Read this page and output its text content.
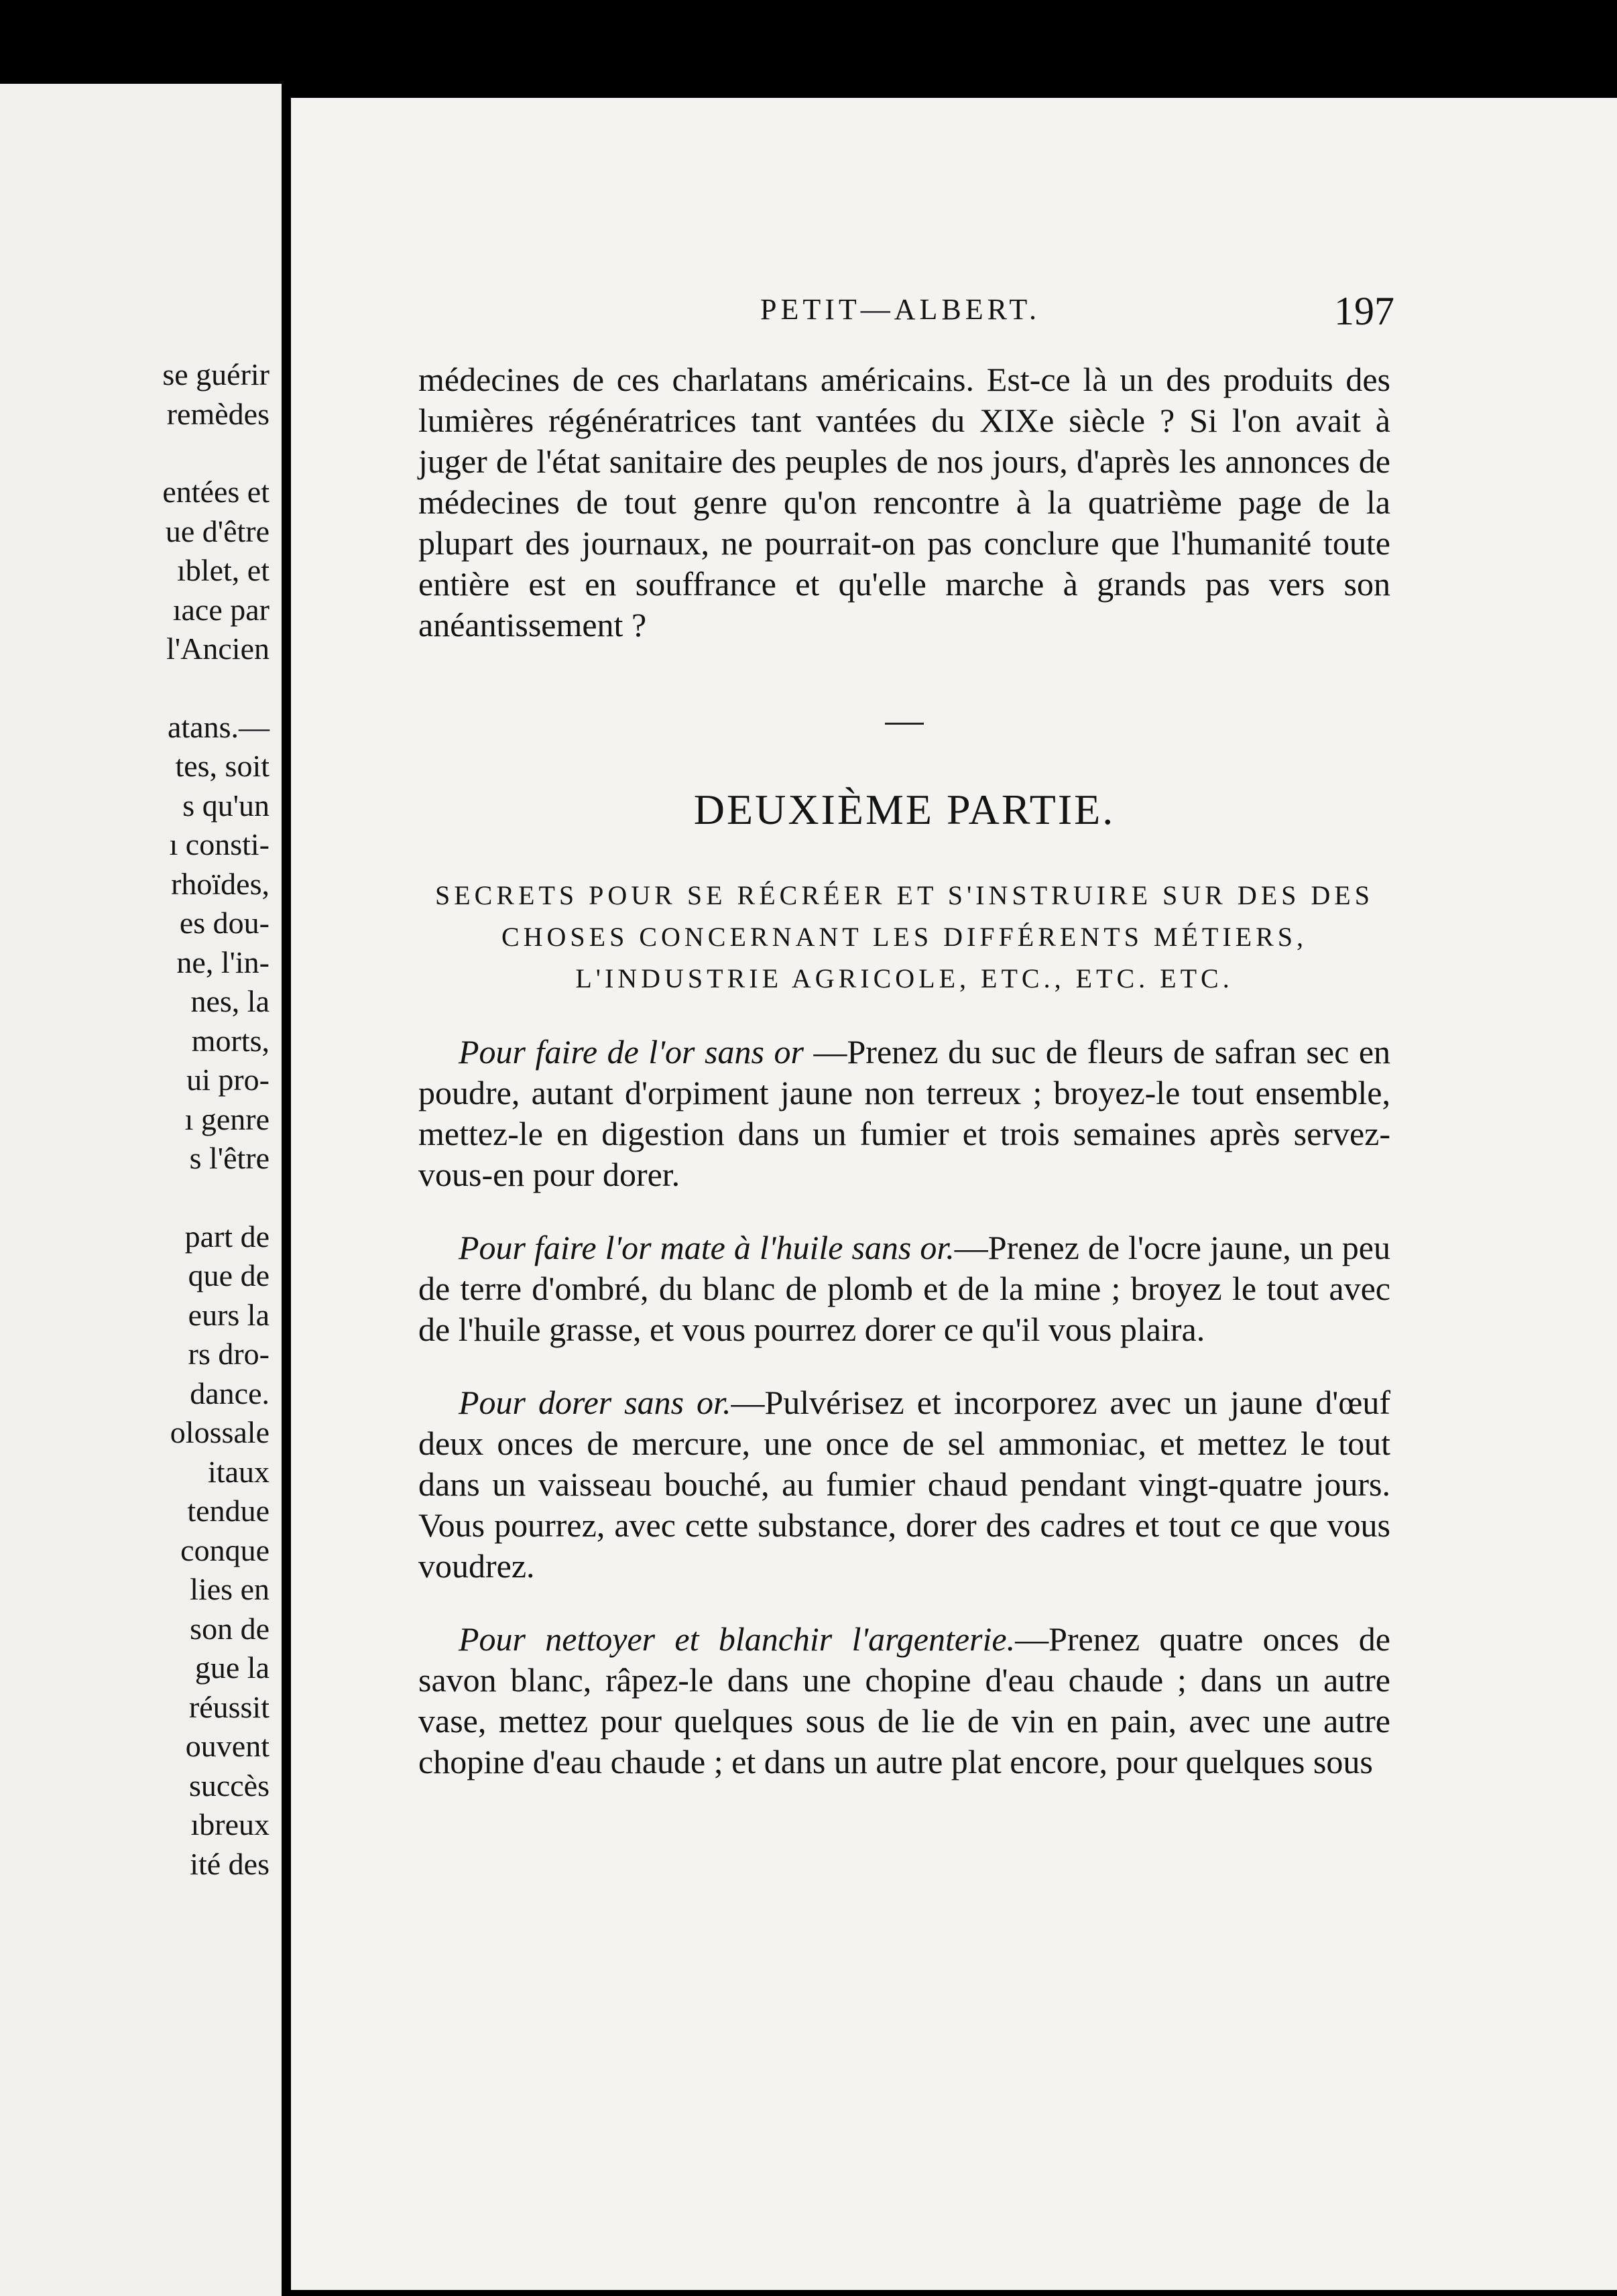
se guérir
remèdes
entées et
ue d'être
ıblet, et
ıace par
l'Ancien
atans.—
tes, soit
s qu'un
ı consti-
rhoïdes,
es dou-
ne, l'in-
nes, la
morts,
ui pro-
ı genre
s l'être
part de
que de
eurs la
rs dro-
dance.
olossale
itaux
tendue
conque
lies en
son de
gue la
réussit
ouvent
succès
ıbreux
ité des
PETIT—ALBERT.	197

médecines de ces charlatans américains. Est-ce là un des produits des lumières régénératrices tant vantées du XIXe siècle ? Si l'on avait à juger de l'état sanitaire des peuples de nos jours, d'après les annonces de médecines de tout genre qu'on rencontre à la quatrième page de la plupart des journaux, ne pourrait-on pas conclure que l'humanité toute entière est en souffrance et qu'elle marche à grands pas vers son anéantissement ?

DEUXIÈME PARTIE.
SECRETS POUR SE RÉCRÉER ET S'INSTRUIRE SUR DES DES CHOSES CONCERNANT LES DIFFÉRENTS MÉTIERS, L'INDUSTRIE AGRICOLE, ETC., ETC. ETC.

Pour faire de l'or sans or —Prenez du suc de fleurs de safran sec en poudre, autant d'orpiment jaune non terreux ; broyez-le tout ensemble, mettez-le en digestion dans un fumier et trois semaines après servez-vous-en pour dorer.

Pour faire l'or mate à l'huile sans or.—Prenez de l'ocre jaune, un peu de terre d'ombré, du blanc de plomb et de la mine ; broyez le tout avec de l'huile grasse, et vous pourrez dorer ce qu'il vous plaira.

Pour dorer sans or.—Pulvérisez et incorporez avec un jaune d'œuf deux onces de mercure, une once de sel ammoniac, et mettez le tout dans un vaisseau bouché, au fumier chaud pendant vingt-quatre jours. Vous pourrez, avec cette substance, dorer des cadres et tout ce que vous voudrez.

Pour nettoyer et blanchir l'argenterie.—Prenez quatre onces de savon blanc, râpez-le dans une chopine d'eau chaude ; dans un autre vase, mettez pour quelques sous de lie de vin en pain, avec une autre chopine d'eau chaude ; et dans un autre plat encore, pour quelques sous
